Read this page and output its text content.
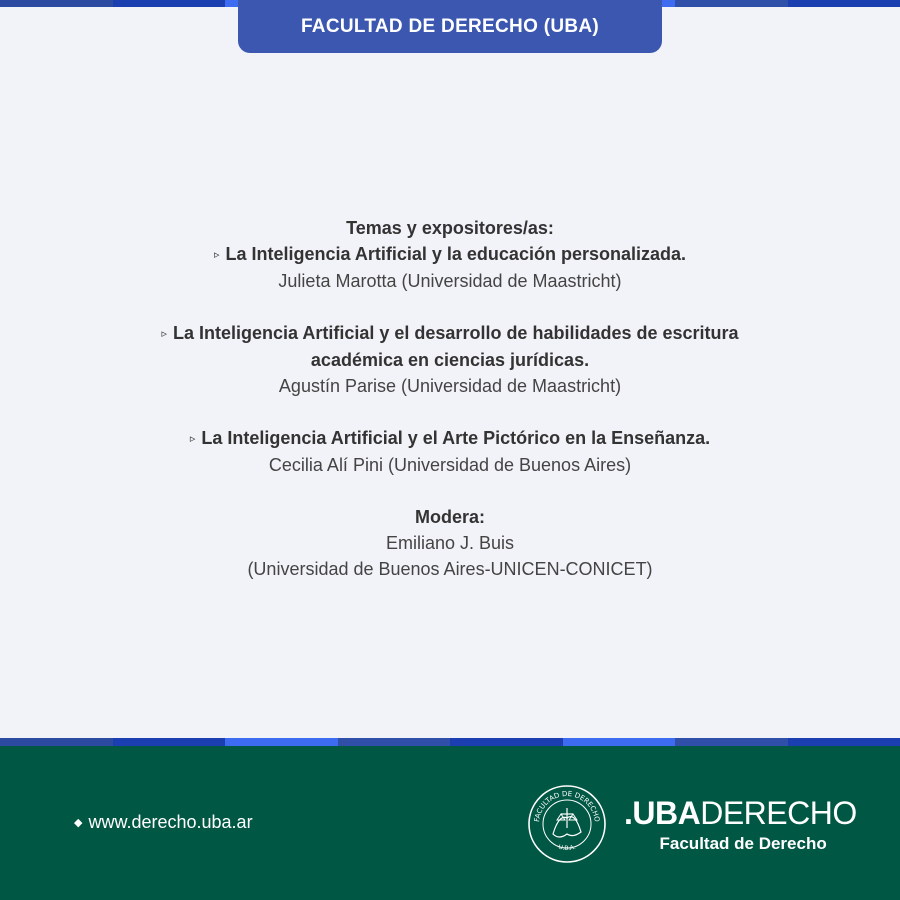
FACULTAD DE DERECHO (UBA)
Temas y expositores/as:
▹ La Inteligencia Artificial y la educación personalizada.
Julieta Marotta (Universidad de Maastricht)
▹ La Inteligencia Artificial y el desarrollo de habilidades de escritura
académica en ciencias jurídicas.
Agustín Parise (Universidad de Maastricht)
▹ La Inteligencia Artificial y el Arte Pictórico en la Enseñanza.
Cecilia Alí Pini (Universidad de Buenos Aires)
Modera:
Emiliano J. Buis
(Universidad de Buenos Aires-UNICEN-CONICET)
◆ www.derecho.uba.ar	FACULTAD DE DERECHO
U.B.A.
.UBADERECHO
Facultad de Derecho
